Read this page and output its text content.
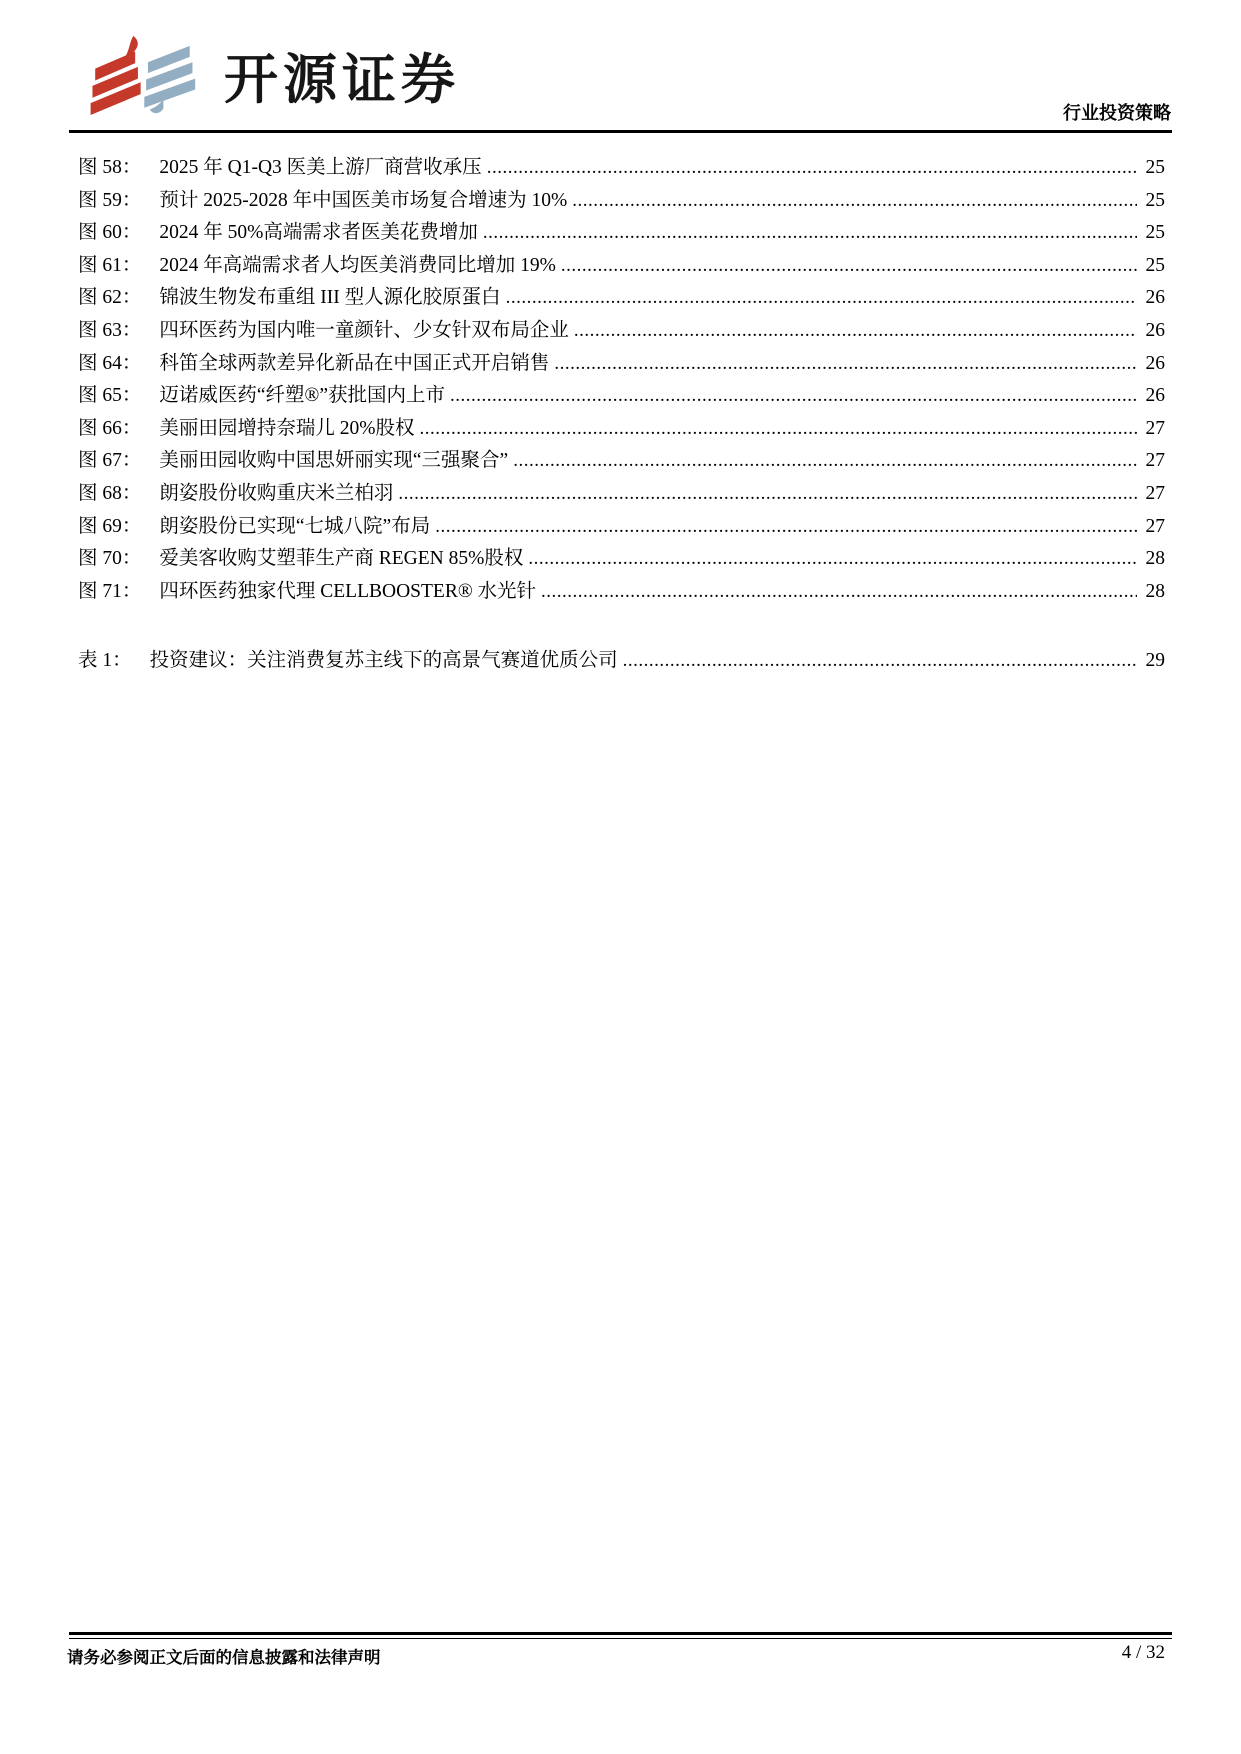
开源证券
行业投资策略
图 58： 2025 年 Q1-Q3 医美上游厂商营收承压 .....	25
图 59： 预计 2025-2028 年中国医美市场复合增速为 10% .....	25
图 60： 2024 年 50%高端需求者医美花费增加 .....	25
图 61： 2024 年高端需求者人均医美消费同比增加 19% .....	25
图 62： 锦波生物发布重组 III 型人源化胶原蛋白 .....	26
图 63： 四环医药为国内唯一童颜针、少女针双布局企业 .....	26
图 64： 科笛全球两款差异化新品在中国正式开启销售 .....	26
图 65： 迈诺威医药“纤塑®”获批国内上市 .....	26
图 66： 美丽田园增持奈瑞儿 20%股权 .....	27
图 67： 美丽田园收购中国思妍丽实现“三强聚合” .....	27
图 68： 朗姿股份收购重庆米兰柏羽 .....	27
图 69： 朗姿股份已实现“七城八院”布局 .....	27
图 70： 爱美客收购艾塑菲生产商 REGEN 85%股权 .....	28
图 71： 四环医药独家代理 CELLBOOSTER® 水光针 .....	28
表 1： 投资建议：关注消费复苏主线下的高景气赛道优质公司 .....	29
请务必参阅正文后面的信息披露和法律声明	4 / 32
